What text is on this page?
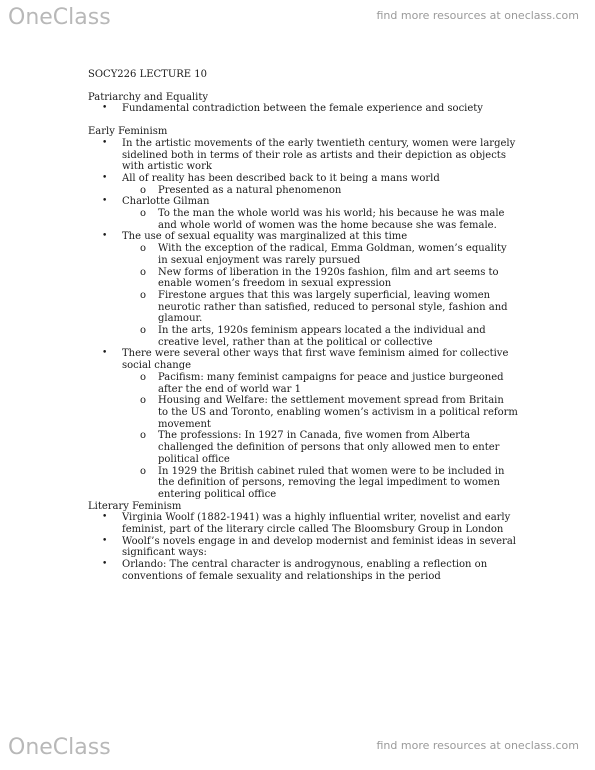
OneClass	find more resources at oneclass.com
SOCY226 LECTURE 10
Patriarchy and Equality
• Fundamental contradiction between the female experience and society
Early Feminism
• In the artistic movements of the early twentieth century, women were largely
sidelined both in terms of their role as artists and their depiction as objects
with artistic work
• All of reality has been described back to it being a mans world
o Presented as a natural phenomenon
• Charlotte Gilman
o To the man the whole world was his world; his because he was male
and whole world of women was the home because she was female.
• The use of sexual equality was marginalized at this time
o With the exception of the radical, Emma Goldman, women’s equality
in sexual enjoyment was rarely pursued
o New forms of liberation in the 1920s fashion, film and art seems to
enable women’s freedom in sexual expression
o Firestone argues that this was largely superficial, leaving women
neurotic rather than satisfied, reduced to personal style, fashion and
glamour.
o In the arts, 1920s feminism appears located a the individual and
creative level, rather than at the political or collective
• There were several other ways that first wave feminism aimed for collective
social change
o Pacifism: many feminist campaigns for peace and justice burgeoned
after the end of world war 1
o Housing and Welfare: the settlement movement spread from Britain
to the US and Toronto, enabling women’s activism in a political reform
movement
o The professions: In 1927 in Canada, five women from Alberta
challenged the definition of persons that only allowed men to enter
political office
o In 1929 the British cabinet ruled that women were to be included in
the definition of persons, removing the legal impediment to women
entering political office
Literary Feminism
• Virginia Woolf (1882-1941) was a highly influential writer, novelist and early
feminist, part of the literary circle called The Bloomsbury Group in London
• Woolf’s novels engage in and develop modernist and feminist ideas in several
significant ways:
• Orlando: The central character is androgynous, enabling a reflection on
conventions of female sexuality and relationships in the period
OneClass	find more resources at oneclass.com
